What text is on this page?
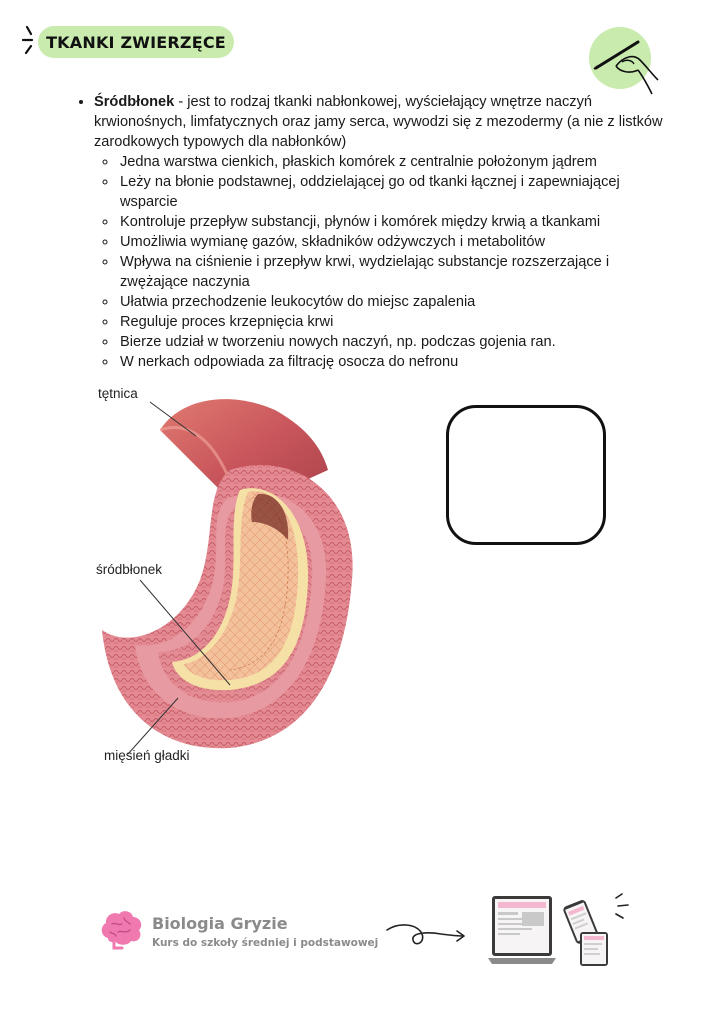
TKANKI ZWIERZĘCE
• Śródbłonek - jest to rodzaj tkanki nabłonkowej, wyściełający wnętrze naczyń krwionośnych, limfatycznych oraz jamy serca, wywodzi się z mezodermy (a nie z listków zarodkowych typowych dla nabłonków)
◦ Jedna warstwa cienkich, płaskich komórek z centralnie położonym jądrem
◦ Leży na błonie podstawnej, oddzielającej go od tkanki łącznej i zapewniającej wsparcie
◦ Kontroluje przepływ substancji, płynów i komórek między krwią a tkankami
◦ Umożliwia wymianę gazów, składników odżywczych i metabolitów
◦ Wpływa na ciśnienie i przepływ krwi, wydzielając substancje rozszerzające i zwężające naczynia
◦ Ułatwia przechodzenie leukocytów do miejsc zapalenia
◦ Reguluje proces krzepnięcia krwi
◦ Bierze udział w tworzeniu nowych naczyń, np. podczas gojenia ran.
◦ W nerkach odpowiada za filtrację osocza do nefronu
tętnica
śródbłonek
mięsień gładki
Biologia Gryzie
Kurs do szkoły średniej i podstawowej
